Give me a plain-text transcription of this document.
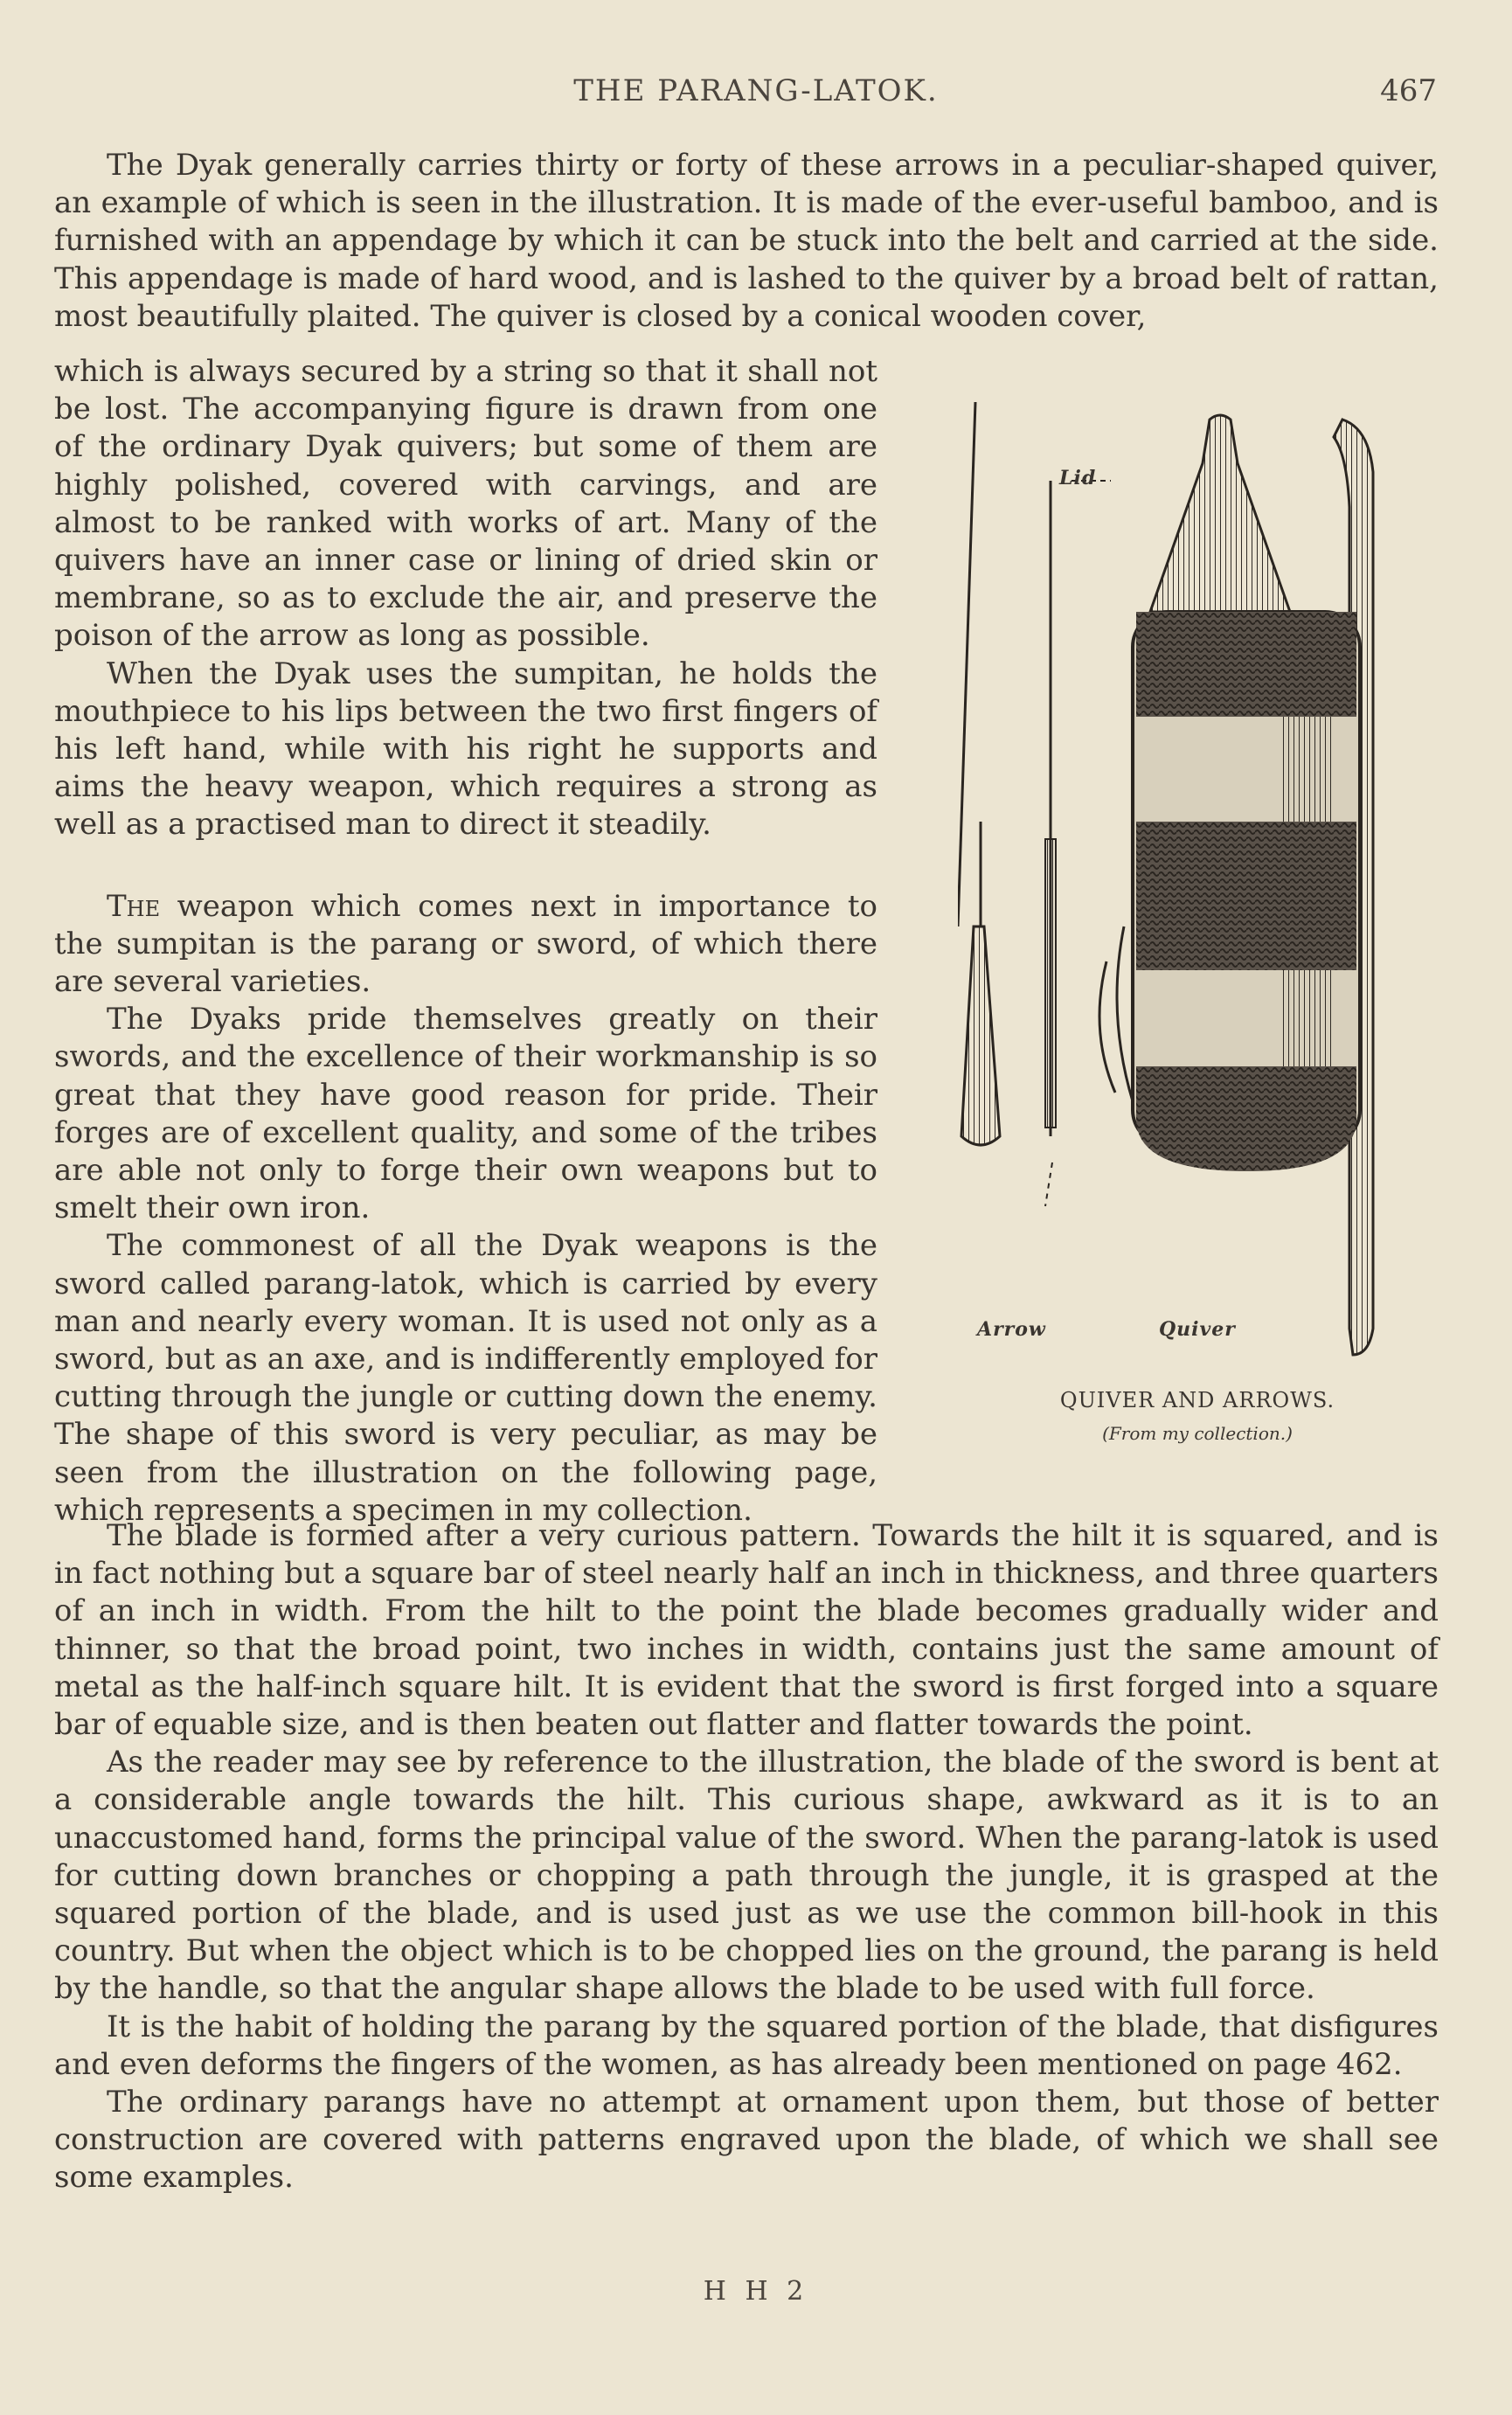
THE PARANG-LATOK.	467

The Dyak generally carries thirty or forty of these arrows in a peculiar-shaped quiver, an example of which is seen in the illustration. It is made of the ever-useful bamboo, and is furnished with an appendage by which it can be stuck into the belt and carried at the side. This appendage is made of hard wood, and is lashed to the quiver by a broad belt of rattan, most beautifully plaited. The quiver is closed by a conical wooden cover,

which is always secured by a string so that it shall not be lost. The accompanying figure is drawn from one of the ordinary Dyak quivers; but some of them are highly polished, covered with carvings, and are almost to be ranked with works of art. Many of the quivers have an inner case or lining of dried skin or membrane, so as to exclude the air, and preserve the poison of the arrow as long as possible.

When the Dyak uses the sumpitan, he holds the mouthpiece to his lips between the two first fingers of his left hand, while with his right he supports and aims the heavy weapon, which requires a strong as well as a practised man to direct it steadily.

The weapon which comes next in importance to the sumpitan is the parang or sword, of which there are several varieties.

The Dyaks pride themselves greatly on their swords, and the excellence of their workmanship is so great that they have good reason for pride. Their forges are of excellent quality, and some of the tribes are able not only to forge their own weapons but to smelt their own iron.

The commonest of all the Dyak weapons is the sword called parang-latok, which is carried by every man and nearly every woman. It is used not only as a sword, but as an axe, and is indifferently employed for cutting through the jungle or cutting down the enemy. The shape of this sword is very peculiar, as may be seen from the illustration on the following page, which represents a specimen in my collection.

Lid
Arrow	Quiver
QUIVER AND ARROWS.
(From my collection.)

The blade is formed after a very curious pattern. Towards the hilt it is squared, and is in fact nothing but a square bar of steel nearly half an inch in thickness, and three quarters of an inch in width. From the hilt to the point the blade becomes gradually wider and thinner, so that the broad point, two inches in width, contains just the same amount of metal as the half-inch square hilt. It is evident that the sword is first forged into a square bar of equable size, and is then beaten out flatter and flatter towards the point.

As the reader may see by reference to the illustration, the blade of the sword is bent at a considerable angle towards the hilt. This curious shape, awkward as it is to an unaccustomed hand, forms the principal value of the sword. When the parang-latok is used for cutting down branches or chopping a path through the jungle, it is grasped at the squared portion of the blade, and is used just as we use the common bill-hook in this country. But when the object which is to be chopped lies on the ground, the parang is held by the handle, so that the angular shape allows the blade to be used with full force.

It is the habit of holding the parang by the squared portion of the blade, that disfigures and even deforms the fingers of the women, as has already been mentioned on page 462.

The ordinary parangs have no attempt at ornament upon them, but those of better construction are covered with patterns engraved upon the blade, of which we shall see some examples.

H H 2
